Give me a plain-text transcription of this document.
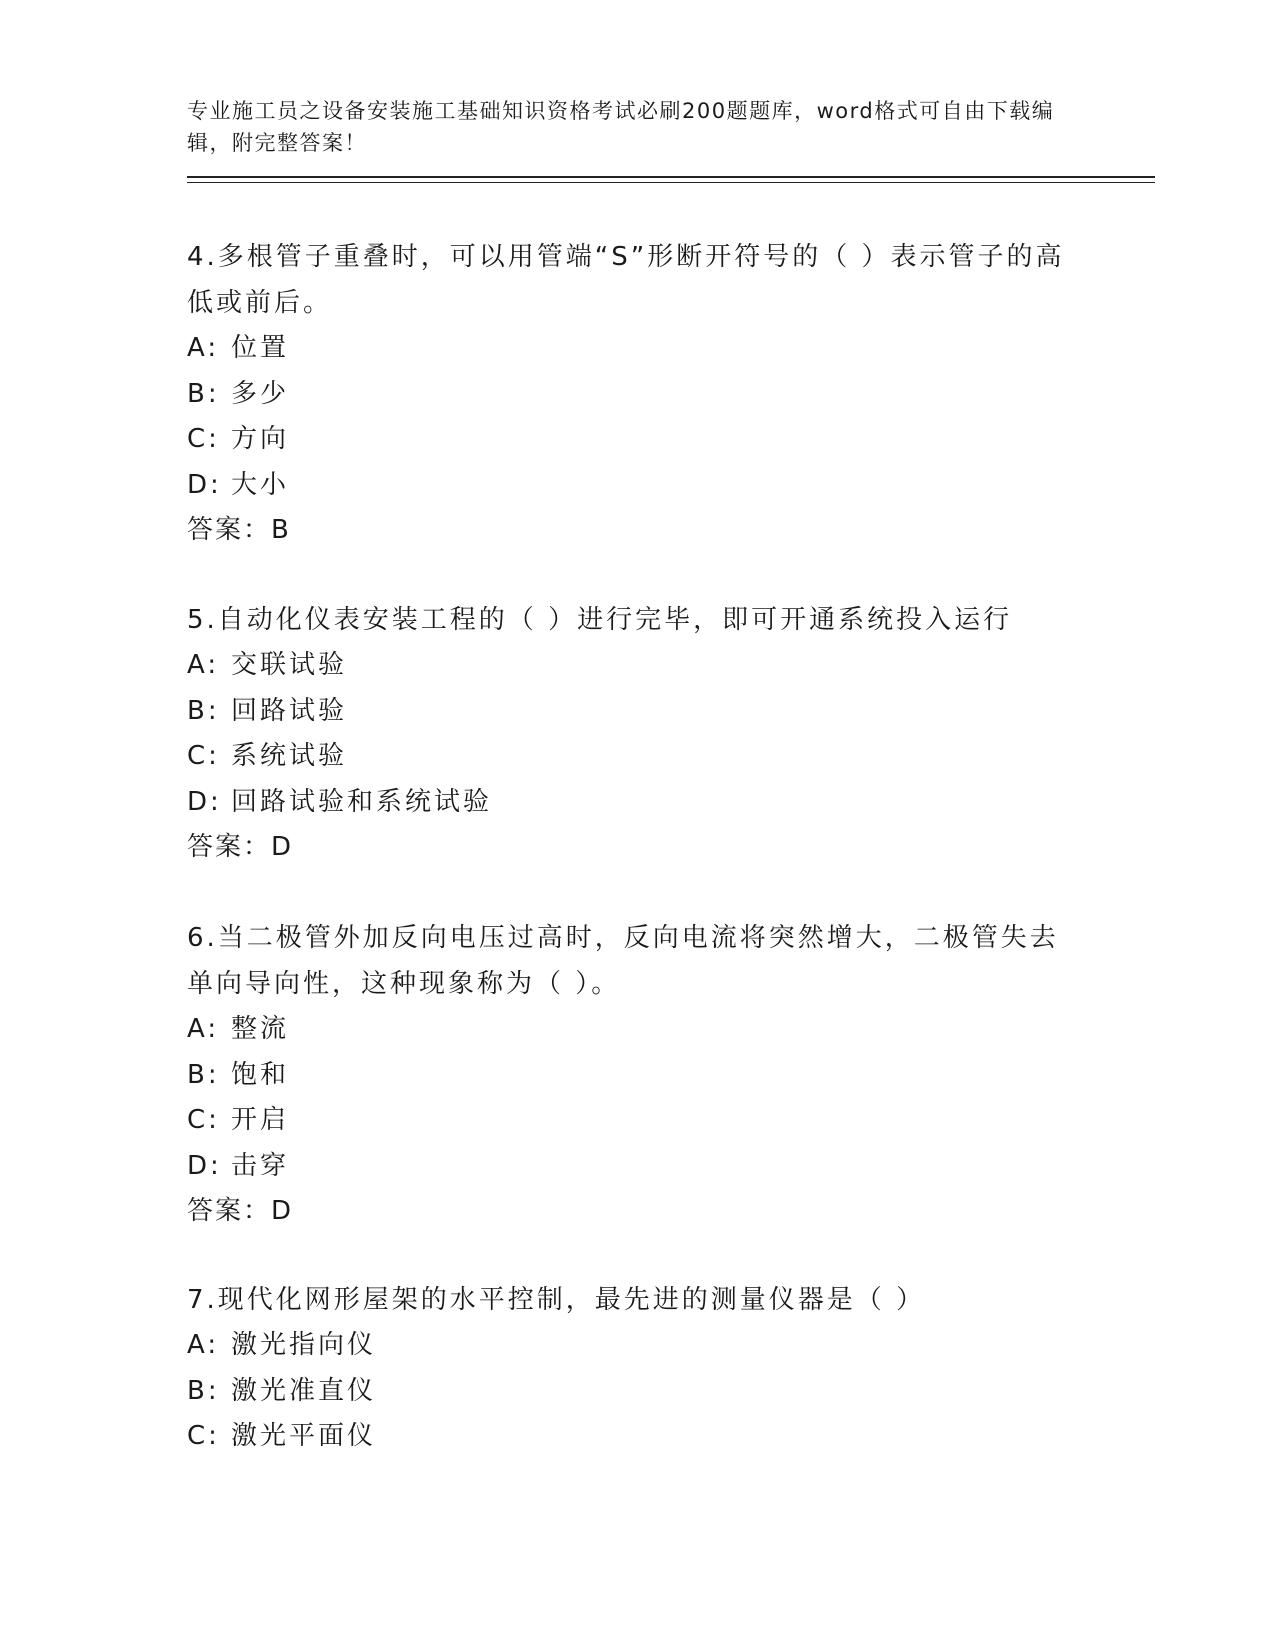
专业施工员之设备安装施工基础知识资格考试必刷200题题库，word格式可自由下载编辑，附完整答案！

4.多根管子重叠时，可以用管端“S”形断开符号的（ ）表示管子的高低或前后。

A: 位置

B: 多少

C: 方向

D: 大小

答案：B

5.自动化仪表安装工程的（ ）进行完毕，即可开通系统投入运行

A: 交联试验

B: 回路试验

C: 系统试验

D: 回路试验和系统试验

答案：D

6.当二极管外加反向电压过高时，反向电流将突然增大，二极管失去单向导向性，这种现象称为（ ）。

A: 整流

B: 饱和

C: 开启

D: 击穿

答案：D

7.现代化网形屋架的水平控制，最先进的测量仪器是（ ）

A: 激光指向仪

B: 激光准直仪

C: 激光平面仪
